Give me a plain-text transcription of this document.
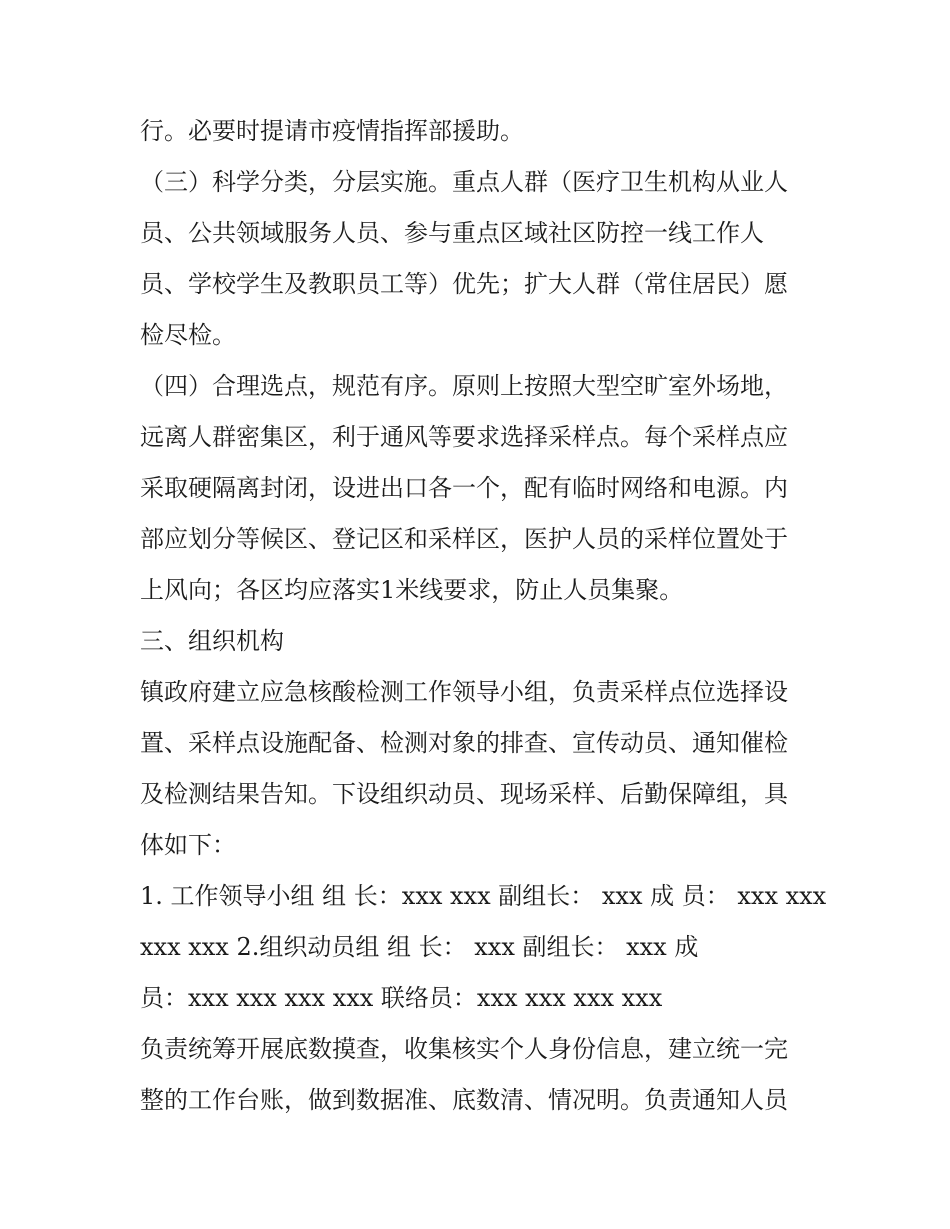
行。必要时提请市疫情指挥部援助。
（三）科学分类，分层实施。重点人群（医疗卫生机构从业人
员、公共领域服务人员、参与重点区域社区防控一线工作人
员、学校学生及教职员工等）优先；扩大人群（常住居民）愿
检尽检。
（四）合理选点，规范有序。原则上按照大型空旷室外场地，
远离人群密集区，利于通风等要求选择采样点。每个采样点应
采取硬隔离封闭，设进出口各一个，配有临时网络和电源。内
部应划分等候区、登记区和采样区，医护人员的采样位置处于
上风向；各区均应落实1米线要求，防止人员集聚。
三、组织机构
镇政府建立应急核酸检测工作领导小组，负责采样点位选择设
置、采样点设施配备、检测对象的排查、宣传动员、通知催检
及检测结果告知。下设组织动员、现场采样、后勤保障组，具
体如下：
1. 工作领导小组 组 长：xxx xxx 副组长： xxx 成 员： xxx xxx
xxx xxx 2.组织动员组 组 长： xxx 副组长： xxx 成
员：xxx xxx xxx xxx 联络员：xxx xxx xxx xxx
负责统筹开展底数摸查，收集核实个人身份信息，建立统一完
整的工作台账，做到数据准、底数清、情况明。负责通知人员
